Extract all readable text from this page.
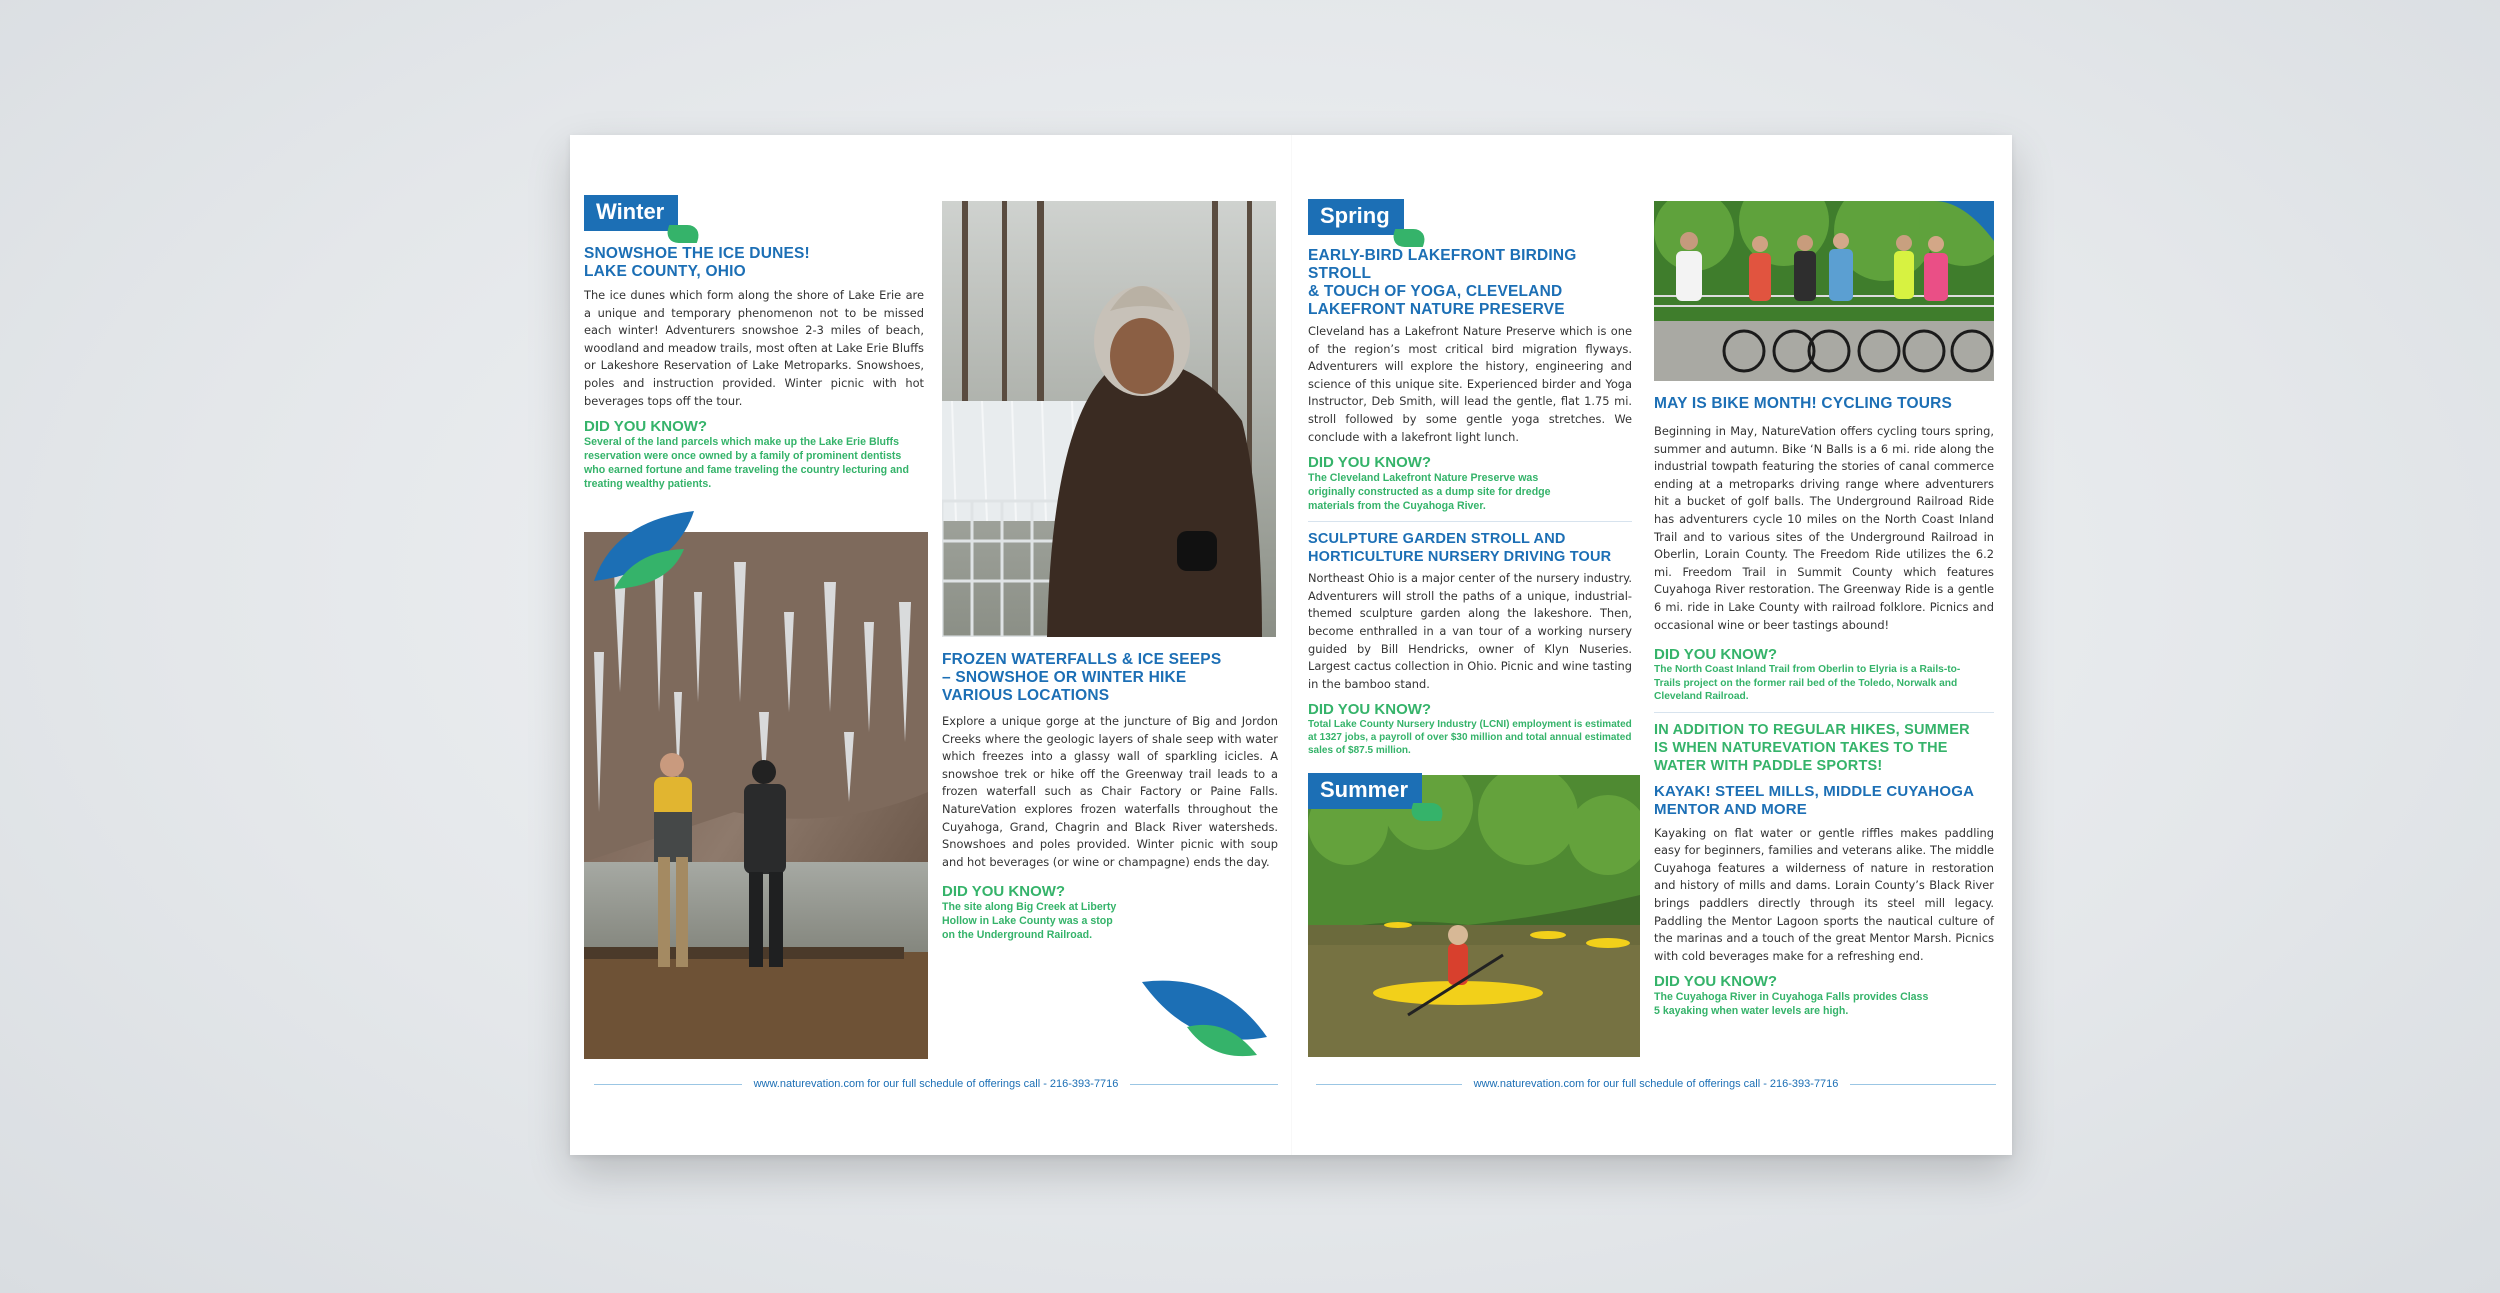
Winter
SNOWSHOE THE ICE DUNES!
LAKE COUNTY, OHIO

The ice dunes which form along the shore of Lake Erie are a unique and temporary phenomenon not to be missed each winter! Adventurers snowshoe 2-3 miles of beach, woodland and meadow trails, most often at Lake Erie Bluffs or Lakeshore Reservation of Lake Metroparks. Snowshoes, poles and instruction provided. Winter picnic with hot beverages tops off the tour.

DID YOU KNOW?

Several of the land parcels which make up the Lake Erie Bluffs reservation were once owned by a family of prominent dentists who earned fortune and fame traveling the country lecturing and treating wealthy patients.

FROZEN WATERFALLS & ICE SEEPS
– SNOWSHOE OR WINTER HIKE
VARIOUS LOCATIONS

Explore a unique gorge at the juncture of Big and Jordon Creeks where the geologic layers of shale seep with water which freezes into a glassy wall of sparkling icicles. A snowshoe trek or hike off the Greenway trail leads to a frozen waterfall such as Chair Factory or Paine Falls. NatureVation explores frozen waterfalls throughout the Cuyahoga, Grand, Chagrin and Black River watersheds. Snowshoes and poles provided. Winter picnic with soup and hot beverages (or wine or champagne) ends the day.

DID YOU KNOW?

The site along Big Creek at Liberty Hollow in Lake County was a stop on the Underground Railroad.

www.naturevation.com for our full schedule of offerings call - 216-393-7716
Spring
EARLY-BIRD LAKEFRONT BIRDING STROLL
& TOUCH OF YOGA, CLEVELAND
LAKEFRONT NATURE PRESERVE

Cleveland has a Lakefront Nature Preserve which is one of the region’s most critical bird migration flyways. Adventurers will explore the history, engineering and science of this unique site. Experienced birder and Yoga Instructor, Deb Smith, will lead the gentle, flat 1.75 mi. stroll followed by some gentle yoga stretches. We conclude with a lakefront light lunch.

DID YOU KNOW?

The Cleveland Lakefront Nature Preserve was originally constructed as a dump site for dredge materials from the Cuyahoga River.

SCULPTURE GARDEN STROLL AND
HORTICULTURE NURSERY DRIVING TOUR

Northeast Ohio is a major center of the nursery industry. Adventurers will stroll the paths of a unique, industrial-themed sculpture garden along the lakeshore. Then, become enthralled in a van tour of a working nursery guided by Bill Hendricks, owner of Klyn Nuseries. Largest cactus collection in Ohio. Picnic and wine tasting in the bamboo stand.

DID YOU KNOW?

Total Lake County Nursery Industry (LCNI) employment is estimated at 1327 jobs, a payroll of over $30 million and total annual estimated sales of $87.5 million.

Summer
MAY IS BIKE MONTH! CYCLING TOURS

Beginning in May, NatureVation offers cycling tours spring, summer and autumn. Bike ‘N Balls is a 6 mi. ride along the industrial towpath featuring the stories of canal commerce ending at a metroparks driving range where adventurers hit a bucket of golf balls. The Underground Railroad Ride has adventurers cycle 10 miles on the North Coast Inland Trail and to various sites of the Underground Railroad in Oberlin, Lorain County. The Freedom Ride utilizes the 6.2 mi. Freedom Trail in Summit County which features Cuyahoga River restoration. The Greenway Ride is a gentle 6 mi. ride in Lake County with railroad folklore. Picnics and occasional wine or beer tastings abound!

DID YOU KNOW?

The North Coast Inland Trail from Oberlin to Elyria is a Rails-to-Trails project on the former rail bed of the Toledo, Norwalk and Cleveland Railroad.

IN ADDITION TO REGULAR HIKES, SUMMER
IS WHEN NATUREVATION TAKES TO THE
WATER WITH PADDLE SPORTS!
KAYAK! STEEL MILLS, MIDDLE CUYAHOGA
MENTOR AND MORE

Kayaking on flat water or gentle riffles makes paddling easy for beginners, families and veterans alike. The middle Cuyahoga features a wilderness of nature in restoration and history of mills and dams. Lorain County’s Black River brings paddlers directly through its steel mill legacy. Paddling the Mentor Lagoon sports the nautical culture of the marinas and a touch of the great Mentor Marsh. Picnics with cold beverages make for a refreshing end.

DID YOU KNOW?

The Cuyahoga River in Cuyahoga Falls provides Class 5 kayaking when water levels are high.

www.naturevation.com for our full schedule of offerings call - 216-393-7716
